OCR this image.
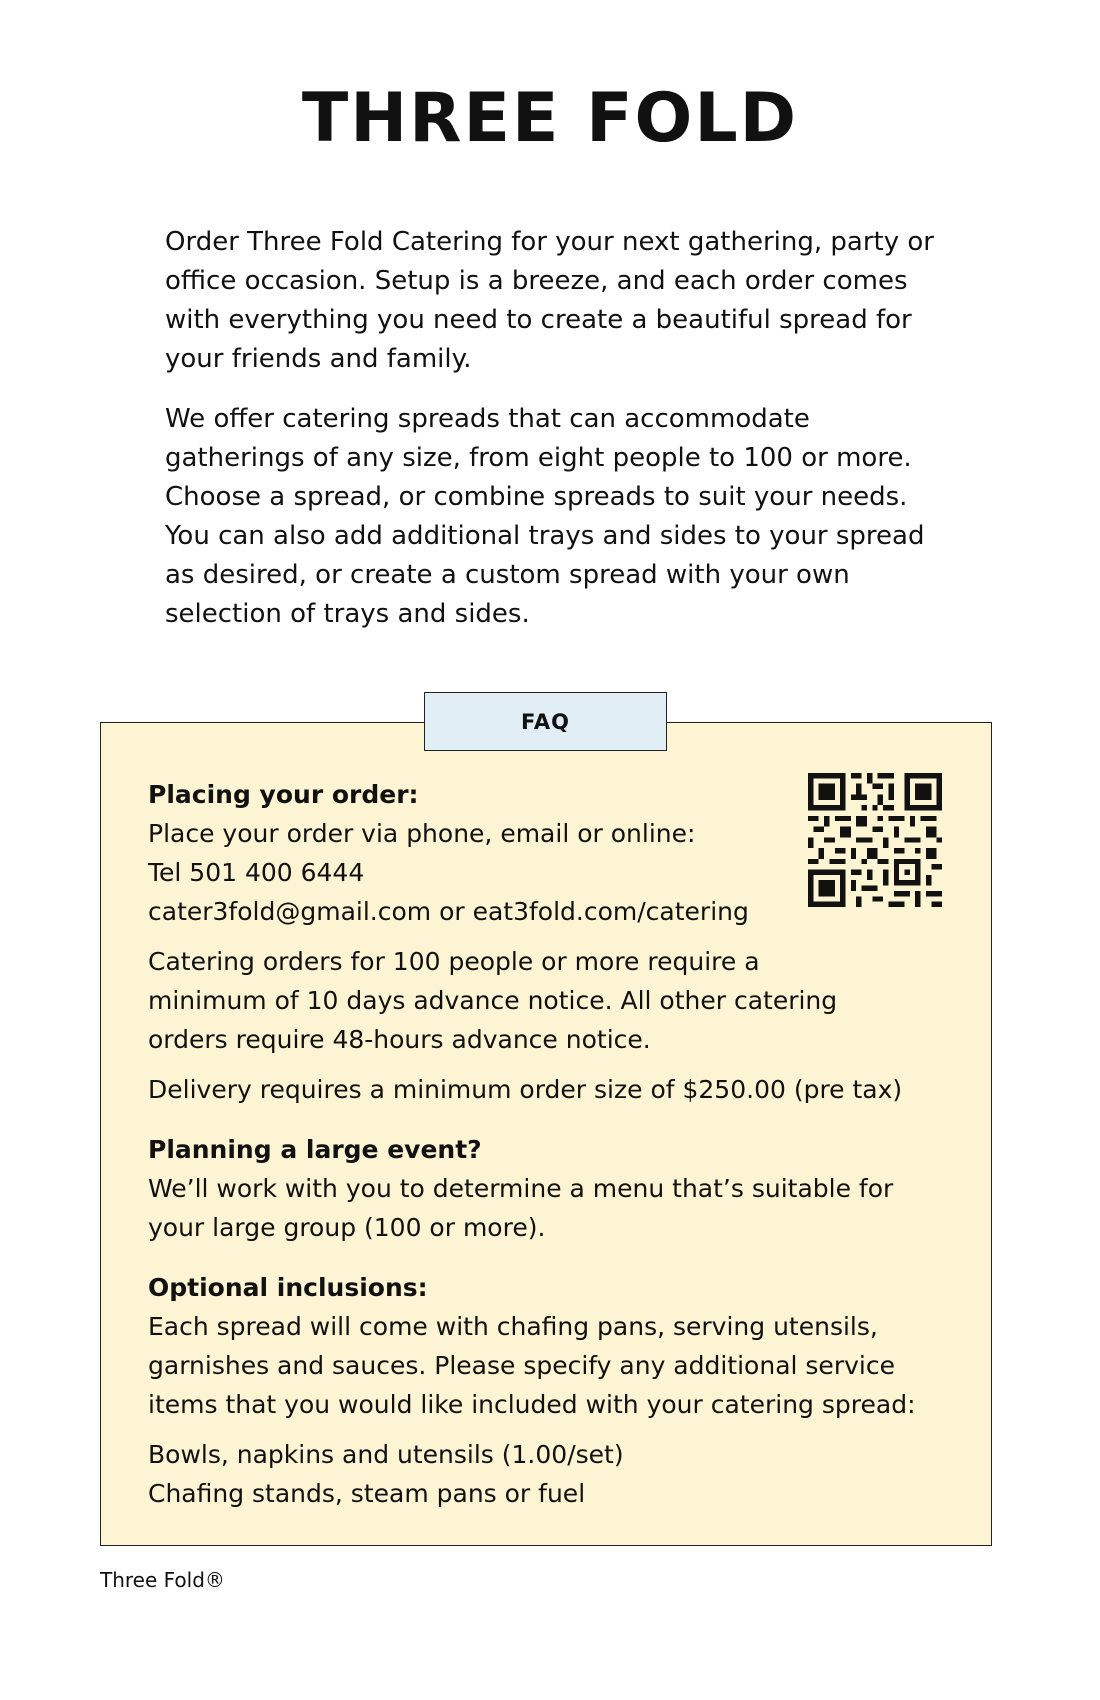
THREE FOLD

Order Three Fold Catering for your next gathering, party or office occasion. Setup is a breeze, and each order comes with everything you need to create a beautiful spread for your friends and family.

We offer catering spreads that can accommodate gatherings of any size, from eight people to 100 or more. Choose a spread, or combine spreads to suit your needs. You can also add additional trays and sides to your spread as desired, or create a custom spread with your own selection of trays and sides.

FAQ
Placing your order:
Place your order via phone, email or online:
Tel 501 400 6444
cater3fold@gmail.com or eat3fold.com/catering
Catering orders for 100 people or more require a minimum of 10 days advance notice. All other catering orders require 48-hours advance notice.
Delivery requires a minimum order size of $250.00 (pre tax)
Planning a large event?
We’ll work with you to determine a menu that’s suitable for your large group (100 or more).
Optional inclusions:
Each spread will come with chafing pans, serving utensils, garnishes and sauces. Please specify any additional service items that you would like included with your catering spread:
Bowls, napkins and utensils (1.00/set)
Chafing stands, steam pans or fuel
Three Fold®
